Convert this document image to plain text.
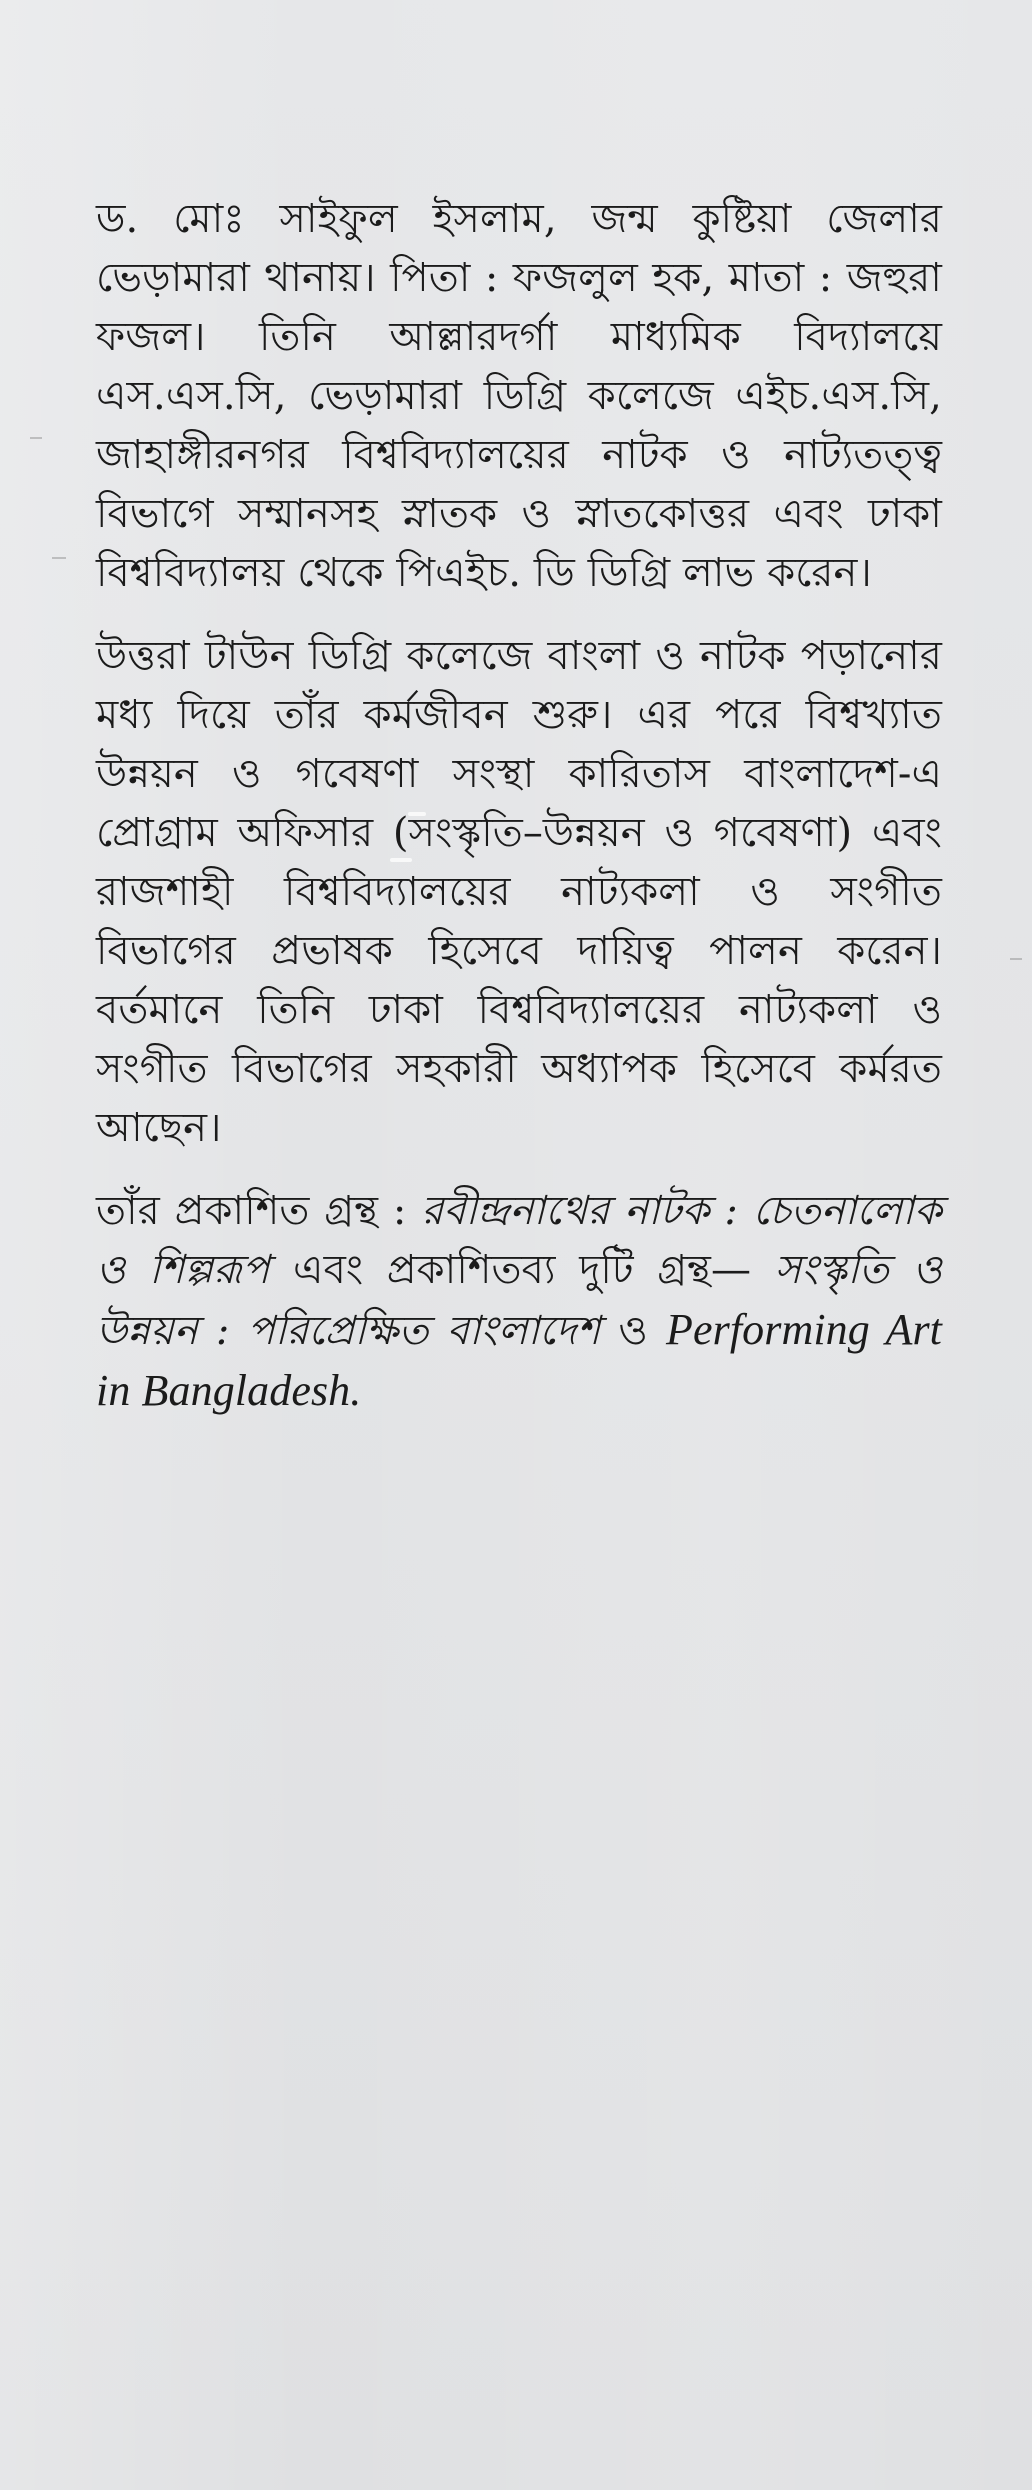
ড. মোঃ সাইফুল ইসলাম, জন্ম কুষ্টিয়া জেলার ভেড়ামারা থানায়। পিতা : ফজলুল হক, মাতা : জহুরা ফজল। তিনি আল্লারদর্গা মাধ্যমিক বিদ্যালয়ে এস.এস.সি, ভেড়ামারা ডিগ্রি কলেজে এইচ.এস.সি, জাহাঙ্গীরনগর বিশ্ববিদ্যালয়ের নাটক ও নাট্যতত্ত্ব বিভাগে সম্মানসহ স্নাতক ও স্নাতকোত্তর এবং ঢাকা বিশ্ববিদ্যালয় থেকে পিএইচ. ডি ডিগ্রি লাভ করেন।

উত্তরা টাউন ডিগ্রি কলেজে বাংলা ও নাটক পড়ানোর মধ্য দিয়ে তাঁর কর্মজীবন শুরু। এর পরে বিশ্বখ্যাত উন্নয়ন ও গবেষণা সংস্থা কারিতাস বাংলাদেশ-এ প্রোগ্রাম অফিসার (সংস্কৃতি–উন্নয়ন ও গবেষণা) এবং রাজশাহী বিশ্ববিদ্যালয়ের নাট্যকলা ও সংগীত বিভাগের প্রভাষক হিসেবে দায়িত্ব পালন করেন। বর্তমানে তিনি ঢাকা বিশ্ববিদ্যালয়ের নাট্যকলা ও সংগীত বিভাগের সহকারী অধ্যাপক হিসেবে কর্মরত আছেন।

তাঁর প্রকাশিত গ্রন্থ : রবীন্দ্রনাথের নাটক : চেতনালোক ও শিল্পরূপ এবং প্রকাশিতব্য দুটি গ্রন্থ— সংস্কৃতি ও উন্নয়ন : পরিপ্রেক্ষিত বাংলাদেশ ও Performing Art in Bangladesh.
